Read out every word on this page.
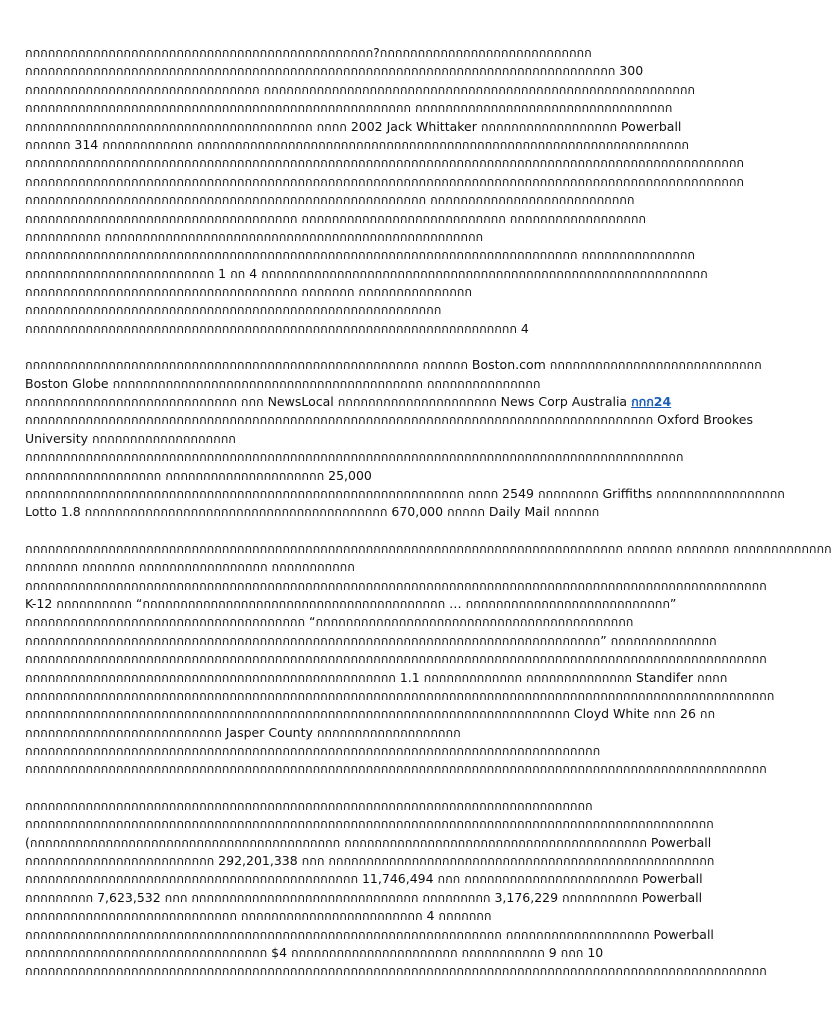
กกกกกกกกกกกกกกกกกกกกกกกกกกกกกกกกกกกกกกกกกกกกกก?กกกกกกกกกกกกกกกกกกกกกกกกกกกก
กกกกกกกกกกกกกกกกกกกกกกกกกกกกกกกกกกกกกกกกกกกกกกกกกกกกกกกกกกกกกกกกกกกกกกกกกกกกกก 300
กกกกกกกกกกกกกกกกกกกกกกกกกกกกกกก กกกกกกกกกกกกกกกกกกกกกกกกกกกกกกกกกกกกกกกกกกกกกกกกกกกกกกกกก
กกกกกกกกกกกกกกกกกกกกกกกกกกกกกกกกกกกกกกกกกกกกกกกกกกก กกกกกกกกกกกกกกกกกกกกกกกกกกกกกกกกกก
กกกกกกกกกกกกกกกกกกกกกกกกกกกกกกกกกกกกกก กกกก 2002 Jack Whittaker กกกกกกกกกกกกกกกกกก Powerball
กกกกกก 314 กกกกกกกกกกกก กกกกกกกกกกกกกกกกกกกกกกกกกกกกกกกกกกกกกกกกกกกกกกกกกกกกกกกกกกกกกกกกก
กกกกกกกกกกกกกกกกกกกกกกกกกกกกกกกกกกกกกกกกกกกกกกกกกกกกกกกกกกกกกกกกกกกกกกกกกกกกกกกกกกกกกกกกกกกกกกก
กกกกกกกกกกกกกกกกกกกกกกกกกกกกกกกกกกกกกกกกกกกกกกกกกกกกกกกกกกกกกกกกกกกกกกกกกกกกกกกกกกกกกกกกกกกกกกก
กกกกกกกกกกกกกกกกกกกกกกกกกกกกกกกกกกกกกกกกกกกกกกกกกกกกก กกกกกกกกกกกกกกกกกกกกกกกกกกก
กกกกกกกกกกกกกกกกกกกกกกกกกกกกกกกกกกกก กกกกกกกกกกกกกกกกกกกกกกกกกกก กกกกกกกกกกกกกกกกกก
กกกกกกกกกก กกกกกกกกกกกกกกกกกกกกกกกกกกกกกกกกกกกกกกกกกกกกกกกกกก
กกกกกกกกกกกกกกกกกกกกกกกกกกกกกกกกกกกกกกกกกกกกกกกกกกกกกกกกกกกกกกกกกกกกกกกกก กกกกกกกกกกกกกกก
กกกกกกกกกกกกกกกกกกกกกกกกก 1 กก 4 กกกกกกกกกกกกกกกกกกกกกกกกกกกกกกกกกกกกกกกกกกกกกกกกกกกกกกกกกกก
กกกกกกกกกกกกกกกกกกกกกกกกกกกกกกกกกกกก กกกกกกก กกกกกกกกกกกกกกก
กกกกกกกกกกกกกกกกกกกกกกกกกกกกกกกกกกกกกกกกกกกกกกกกกกกกกกก
กกกกกกกกกกกกกกกกกกกกกกกกกกกกกกกกกกกกกกกกกกกกกกกกกกกกกกกกกกกกกกกกก 4
กกกกกกกกกกกกกกกกกกกกกกกกกกกกกกกกกกกกกกกกกกกกกกกกกกกก กกกกกก Boston.com กกกกกกกกกกกกกกกกกกกกกกกกกกกก
Boston Globe กกกกกกกกกกกกกกกกกกกกกกกกกกกกกกกกกกกกกกกกก กกกกกกกกกกกกกกก
กกกกกกกกกกกกกกกกกกกกกกกกกกกก กกก NewsLocal กกกกกกกกกกกกกกกกกกกกก News Corp Australia กกก24
กกกกกกกกกกกกกกกกกกกกกกกกกกกกกกกกกกกกกกกกกกกกกกกกกกกกกกกกกกกกกกกกกกกกกกกกกกกกกกกกกกก Oxford Brookes
University กกกกกกกกกกกกกกกกกกก
กกกกกกกกกกกกกกกกกกกกกกกกกกกกกกกกกกกกกกกกกกกกกกกกกกกกกกกกกกกกกกกกกกกกกกกกกกกกกกกกกกกกกกก
กกกกกกกกกกกกกกกกกก กกกกกกกกกกกกกกกกกกกกก 25,000
กกกกกกกกกกกกกกกกกกกกกกกกกกกกกกกกกกกกกกกกกกกกกกกกกกกกกกกกกก กกกก 2549 กกกกกกกก Griffiths กกกกกกกกกกกกกกกกก
Lotto 1.8 กกกกกกกกกกกกกกกกกกกกกกกกกกกกกกกกกกกกกกกก 670,000 กกกกก Daily Mail กกกกกก
กกกกกกกกกกกกกกกกกกกกกกกกกกกกกกกกกกกกกกกกกกกกกกกกกกกกกกกกกกกกกกกกกกกกกกกกกกกกกกก กกกกกก กกกกกกก กกกกกกกกกกกกก
กกกกกกก กกกกกกก กกกกกกกกกกกกกกกกก กกกกกกกกกกก
กกกกกกกกกกกกกกกกกกกกกกกกกกกกกกกกกกกกกกกกกกกกกกกกกกกกกกกกกกกกกกกกกกกกกกกกกกกกกกกกกกกกกกกกกกกกกกกกกก
K-12 กกกกกกกกกก “กกกกกกกกกกกกกกกกกกกกกกกกกกกกกกกกกกกกกกกก … กกกกกกกกกกกกกกกกกกกกกกกกกกก”
กกกกกกกกกกกกกกกกกกกกกกกกกกกกกกกกกกกกก “กกกกกกกกกกกกกกกกกกกกกกกกกกกกกกกกกกกกกกกกกก
กกกกกกกกกกกกกกกกกกกกกกกกกกกกกกกกกกกกกกกกกกกกกกกกกกกกกกกกกกกกกกกกกกกกกกกกกกกก” กกกกกกกกกกกกกก
กกกกกกกกกกกกกกกกกกกกกกกกกกกกกกกกกกกกกกกกกกกกกกกกกกกกกกกกกกกกกกกกกกกกกกกกกกกกกกกกกกกกกกกกกกกกกกกกกก
กกกกกกกกกกกกกกกกกกกกกกกกกกกกกกกกกกกกกกกกกกกกกกกกก 1.1 กกกกกกกกกกกกก กกกกกกกกกกกกกก Standifer กกกก
กกกกกกกกกกกกกกกกกกกกกกกกกกกกกกกกกกกกกกกกกกกกกกกกกกกกกกกกกกกกกกกกกกกกกกกกกกกกกกกกกกกกกกกกกกกกกกกกกกก
กกกกกกกกกกกกกกกกกกกกกกกกกกกกกกกกกกกกกกกกกกกกกกกกกกกกกกกกกกกกกกกกกกกกกกกก Cloyd White กกก 26 กก
กกกกกกกกกกกกกกกกกกกกกกกกกก Jasper County กกกกกกกกกกกกกกกกกกก
กกกกกกกกกกกกกกกกกกกกกกกกกกกกกกกกกกกกกกกกกกกกกกกกกกกกกกกกกกกกกกกกกกกกกกกกกกกก
กกกกกกกกกกกกกกกกกกกกกกกกกกกกกกกกกกกกกกกกกกกกกกกกกกกกกกกกกกกกกกกกกกกกกกกกกกกกกกกกกกกกกกกกกกกกกกกกกก
กกกกกกกกกกกกกกกกกกกกกกกกกกกกกกกกกกกกกกกกกกกกกกกกกกกกกกกกกกกกกกกกกกกกกกกกกกก
กกกกกกกกกกกกกกกกกกกกกกกกกกกกกกกกกกกกกกกกกกกกกกกกกกกกกกกกกกกกกกกกกกกกกกกกกกกกกกกกกกกกกกกกกกก
(กกกกกกกกกกกกกกกกกกกกกกกกกกกกกกกกกกกกกกกกก กกกกกกกกกกกกกกกกกกกกกกกกกกกกกกกกกกกกกกกก Powerball
กกกกกกกกกกกกกกกกกกกกกกกกก 292,201,338 กกก กกกกกกกกกกกกกกกกกกกกกกกกกกกกกกกกกกกกกกกกกกกกกกกกกกก
กกกกกกกกกกกกกกกกกกกกกกกกกกกกกกกกกกกกกกกกกกกก 11,746,494 กกก กกกกกกกกกกกกกกกกกกกกกกก Powerball
กกกกกกกกก 7,623,532 กกก กกกกกกกกกกกกกกกกกกกกกกกกกกกกกก กกกกกกกกก 3,176,229 กกกกกกกกกก Powerball
กกกกกกกกกกกกกกกกกกกกกกกกกกกก กกกกกกกกกกกกกกกกกกกกกกกก 4 กกกกกกก
กกกกกกกกกกกกกกกกกกกกกกกกกกกกกกกกกกกกกกกกกกกกกกกกกกกกกกกกกกกกกกก กกกกกกกกกกกกกกกกกกก Powerball
กกกกกกกกกกกกกกกกกกกกกกกกกกกกกกกก $4 กกกกกกกกกกกกกกกกกกกกกก กกกกกกกกกกก 9 กกก 10
กกกกกกกกกกกกกกกกกกกกกกกกกกกกกกกกกกกกกกกกกกกกกกกกกกกกกกกกกกกกกกกกกกกกกกกกกกกกกกกกกกกกกกกกกกกกกกกกกก
